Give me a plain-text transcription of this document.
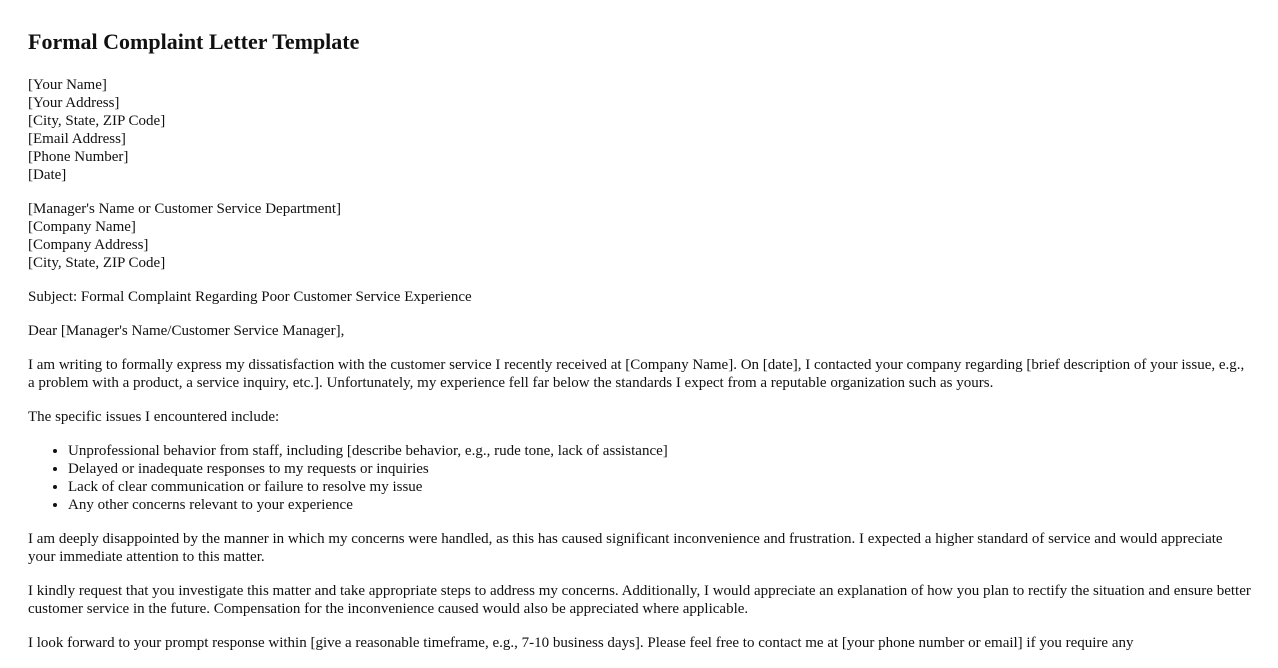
Formal Complaint Letter Template
[Your Name]
[Your Address]
[City, State, ZIP Code]
[Email Address]
[Phone Number]
[Date]
[Manager's Name or Customer Service Department]
[Company Name]
[Company Address]
[City, State, ZIP Code]

Subject: Formal Complaint Regarding Poor Customer Service Experience

Dear [Manager's Name/Customer Service Manager],

I am writing to formally express my dissatisfaction with the customer service I recently received at [Company Name]. On [date], I contacted your company regarding [brief description of your issue, e.g., a problem with a product, a service inquiry, etc.]. Unfortunately, my experience fell far below the standards I expect from a reputable organization such as yours.

The specific issues I encountered include:

• Unprofessional behavior from staff, including [describe behavior, e.g., rude tone, lack of assistance]
• Delayed or inadequate responses to my requests or inquiries
• Lack of clear communication or failure to resolve my issue
• Any other concerns relevant to your experience

I am deeply disappointed by the manner in which my concerns were handled, as this has caused significant inconvenience and frustration. I expected a higher standard of service and would appreciate your immediate attention to this matter.

I kindly request that you investigate this matter and take appropriate steps to address my concerns. Additionally, I would appreciate an explanation of how you plan to rectify the situation and ensure better customer service in the future. Compensation for the inconvenience caused would also be appreciated where applicable.

I look forward to your prompt response within [give a reasonable timeframe, e.g., 7-10 business days]. Please feel free to contact me at [your phone number or email] if you require any
